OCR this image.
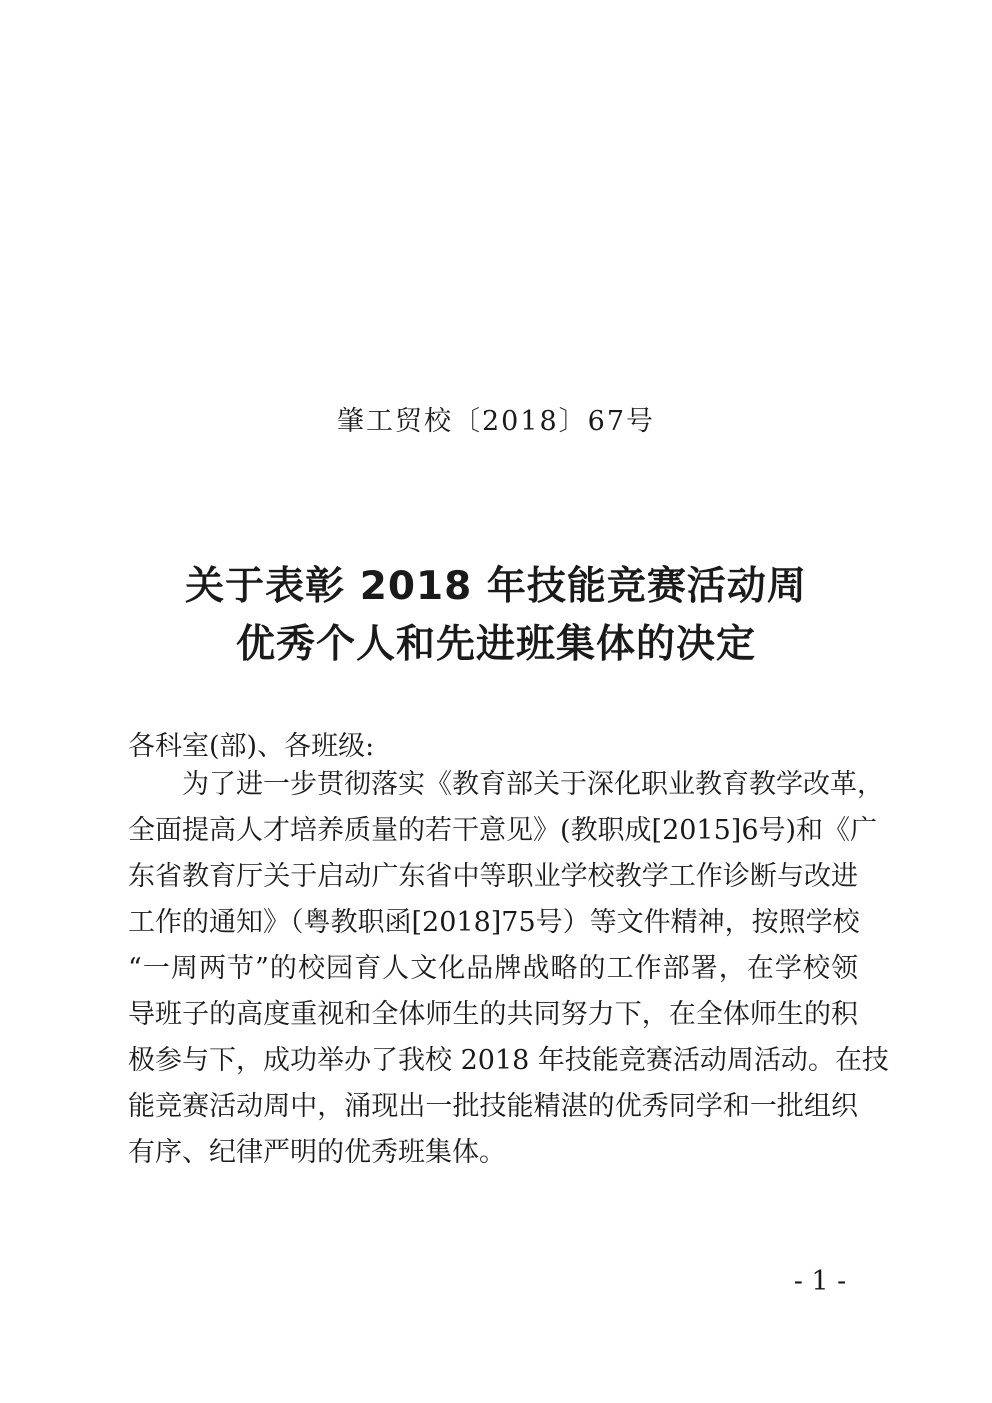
肇工贸校〔2018〕67号
关于表彰 2018 年技能竞赛活动周
优秀个人和先进班集体的决定
各科室(部)、各班级:
为了进一步贯彻落实《教育部关于深化职业教育教学改革，
全面提高人才培养质量的若干意见》(教职成[2015]6号)和《广
东省教育厅关于启动广东省中等职业学校教学工作诊断与改进
工作的通知》（粤教职函[2018]75号）等文件精神，按照学校
“一周两节”的校园育人文化品牌战略的工作部署，在学校领
导班子的高度重视和全体师生的共同努力下，在全体师生的积
极参与下，成功举办了我校 2018 年技能竞赛活动周活动。在技
能竞赛活动周中，涌现出一批技能精湛的优秀同学和一批组织
有序、纪律严明的优秀班集体。
- 1 -
